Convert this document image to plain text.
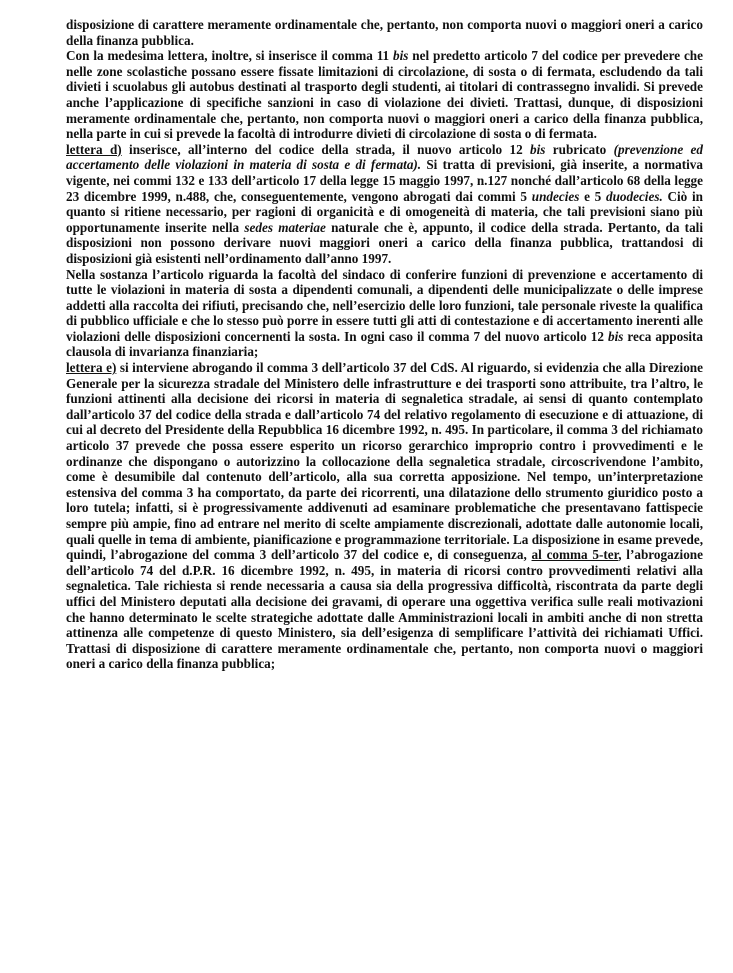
disposizione di carattere meramente ordinamentale che, pertanto, non comporta nuovi o maggiori oneri a carico della finanza pubblica.

Con la medesima lettera, inoltre, si inserisce il comma 11 bis nel predetto articolo 7 del codice per prevedere che nelle zone scolastiche possano essere fissate limitazioni di circolazione, di sosta o di fermata, escludendo da tali divieti i scuolabus gli autobus destinati al trasporto degli studenti, ai titolari di contrassegno invalidi. Si prevede anche l’applicazione di specifiche sanzioni in caso di violazione dei divieti. Trattasi, dunque, di disposizioni meramente ordinamentale che, pertanto, non comporta nuovi o maggiori oneri a carico della finanza pubblica, nella parte in cui si prevede la facoltà di introdurre divieti di circolazione di sosta o di fermata.

lettera d) inserisce, all’interno del codice della strada, il nuovo articolo 12 bis rubricato (prevenzione ed accertamento delle violazioni in materia di sosta e di fermata). Si tratta di previsioni, già inserite, a normativa vigente, nei commi 132 e 133 dell’articolo 17 della legge 15 maggio 1997, n.127 nonché dall’articolo 68 della legge 23 dicembre 1999, n.488, che, conseguentemente, vengono abrogati dai commi 5 undecies e 5 duodecies. Ciò in quanto si ritiene necessario, per ragioni di organicità e di omogeneità di materia, che tali previsioni siano più opportunamente inserite nella sedes materiae naturale che è, appunto, il codice della strada. Pertanto, da tali disposizioni non possono derivare nuovi maggiori oneri a carico della finanza pubblica, trattandosi di disposizioni già esistenti nell’ordinamento dall’anno 1997.

Nella sostanza l’articolo riguarda la facoltà del sindaco di conferire funzioni di prevenzione e accertamento di tutte le violazioni in materia di sosta a dipendenti comunali, a dipendenti delle municipalizzate o delle imprese addetti alla raccolta dei rifiuti, precisando che, nell’esercizio delle loro funzioni, tale personale riveste la qualifica di pubblico ufficiale e che lo stesso può porre in essere tutti gli atti di contestazione e di accertamento inerenti alle violazioni delle disposizioni concernenti la sosta. In ogni caso il comma 7 del nuovo articolo 12 bis reca apposita clausola di invarianza finanziaria;

lettera e) si interviene abrogando il comma 3 dell’articolo 37 del CdS. Al riguardo, si evidenzia che alla Direzione Generale per la sicurezza stradale del Ministero delle infrastrutture e dei trasporti sono attribuite, tra l’altro, le funzioni attinenti alla decisione dei ricorsi in materia di segnaletica stradale, ai sensi di quanto contemplato dall’articolo 37 del codice della strada e dall’articolo 74 del relativo regolamento di esecuzione e di attuazione, di cui al decreto del Presidente della Repubblica 16 dicembre 1992, n. 495. In particolare, il comma 3 del richiamato articolo 37 prevede che possa essere esperito un ricorso gerarchico improprio contro i provvedimenti e le ordinanze che dispongano o autorizzino la collocazione della segnaletica stradale, circoscrivendone l’ambito, come è desumibile dal contenuto dell’articolo, alla sua corretta apposizione. Nel tempo, un’interpretazione estensiva del comma 3 ha comportato, da parte dei ricorrenti, una dilatazione dello strumento giuridico posto a loro tutela; infatti, si è progressivamente addivenuti ad esaminare problematiche che presentavano fattispecie sempre più ampie, fino ad entrare nel merito di scelte ampiamente discrezionali, adottate dalle autonomie locali, quali quelle in tema di ambiente, pianificazione e programmazione territoriale. La disposizione in esame prevede, quindi, l’abrogazione del comma 3 dell’articolo 37 del codice e, di conseguenza, al comma 5-ter, l’abrogazione dell’articolo 74 del d.P.R. 16 dicembre 1992, n. 495, in materia di ricorsi contro provvedimenti relativi alla segnaletica. Tale richiesta si rende necessaria a causa sia della progressiva difficoltà, riscontrata da parte degli uffici del Ministero deputati alla decisione dei gravami, di operare una oggettiva verifica sulle reali motivazioni che hanno determinato le scelte strategiche adottate dalle Amministrazioni locali in ambiti anche di non stretta attinenza alle competenze di questo Ministero, sia dell’esigenza di semplificare l’attività dei richiamati Uffici. Trattasi di disposizione di carattere meramente ordinamentale che, pertanto, non comporta nuovi o maggiori oneri a carico della finanza pubblica;
